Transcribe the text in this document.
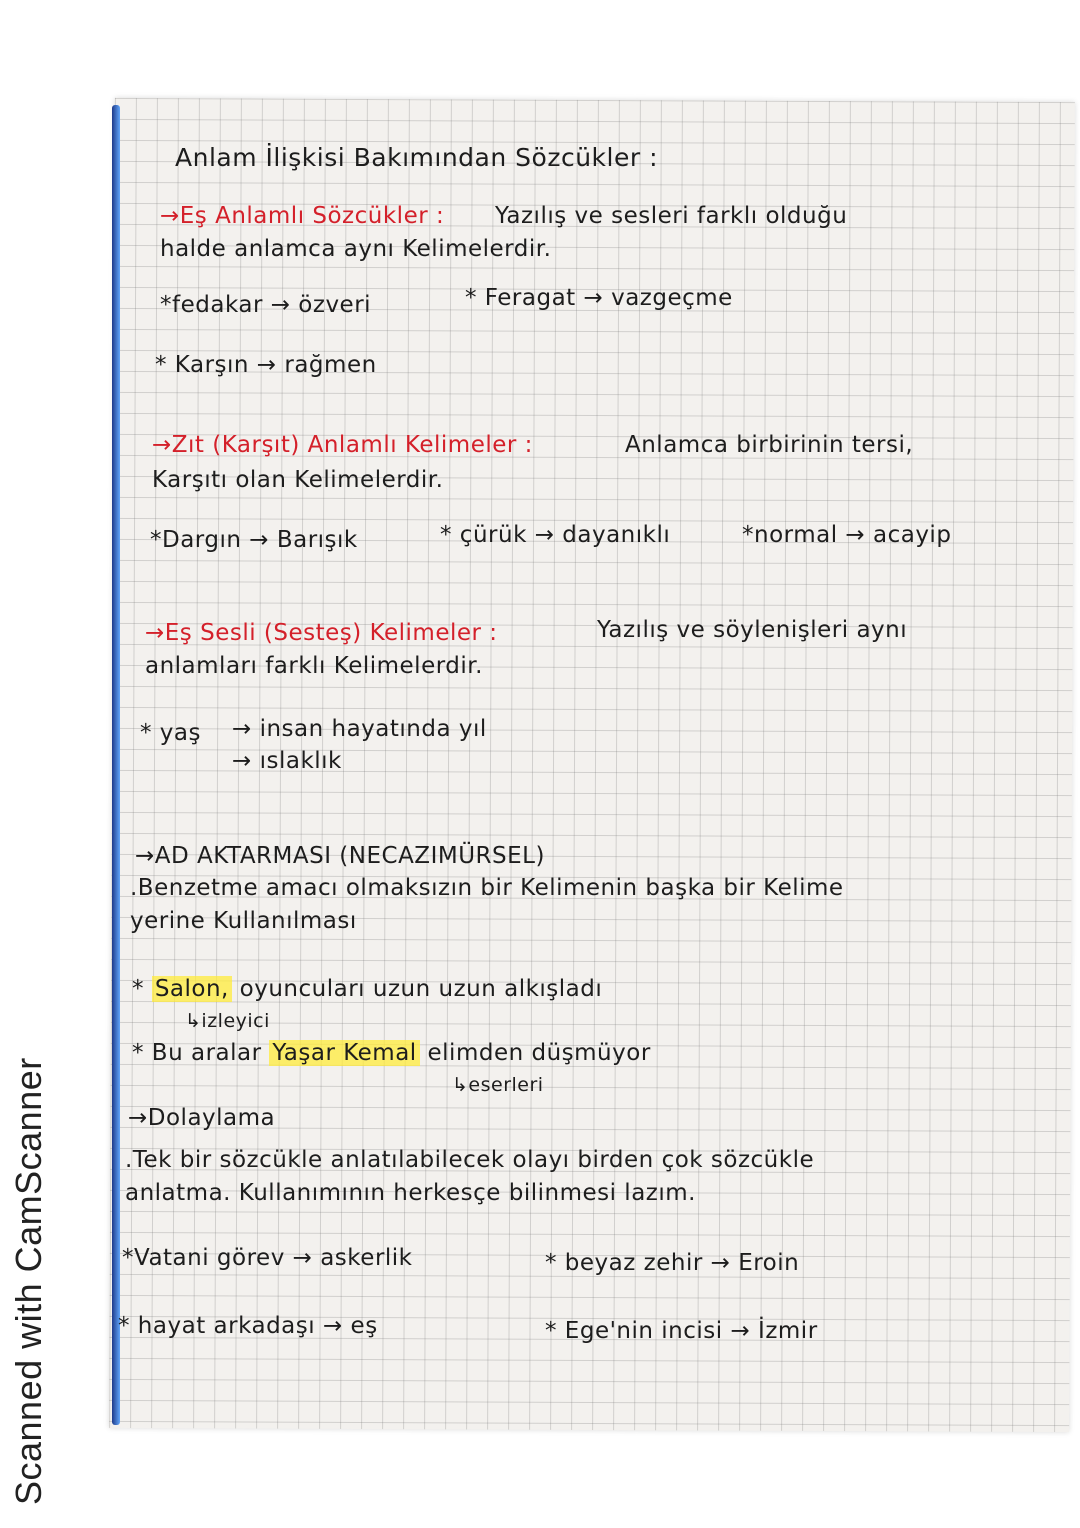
Anlam İlişkisi Bakımından Sözcükler :
→Eş Anlamlı Sözcükler : Yazılış ve sesleri farklı olduğu
halde anlamca aynı Kelimelerdir.
*fedakar → özveri	* Feragat → vazgeçme
* Karşın → rağmen
→Zıt (Karşıt) Anlamlı Kelimeler :	Anlamca birbirinin tersi,
Karşıtı olan Kelimelerdir.
*Dargın → Barışık	* çürük → dayanıklı	*normal → acayip
→Eş Sesli (Sesteş) Kelimeler :	Yazılış ve söylenişleri aynı
anlamları farklı Kelimelerdir.
* yaş → insan hayatında yıl
→ ıslaklık
→AD AKTARMASI (NECAZIMÜRSEL)
.Benzetme amacı olmaksızın bir Kelimenin başka bir Kelime
yerine Kullanılması
* Salon, oyuncuları uzun uzun alkışladı
↳izleyici
* Bu aralar Yaşar Kemal elimden düşmüyor
↳eserleri
→Dolaylama
.Tek bir sözcükle anlatılabilecek olayı birden çok sözcükle
anlatma. Kullanımının herkesçe bilinmesi lazım.
*Vatani görev → askerlik	* beyaz zehir → Eroin
* hayat arkadaşı → eş	* Ege'nin incisi → İzmir
Scanned with CamScanner
